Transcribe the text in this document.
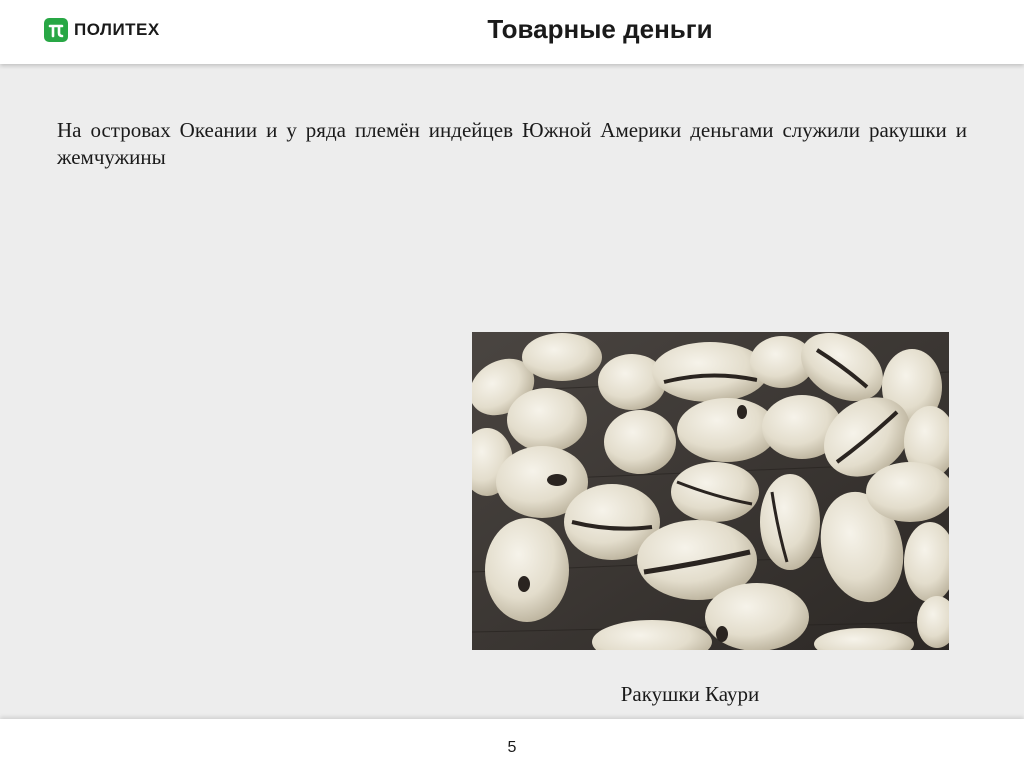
ПОЛИТЕХ	Товарные деньги
На островах Океании и у ряда племён индейцев Южной Америки деньгами служили ракушки и жемчужины
Ракушки Каури
5
